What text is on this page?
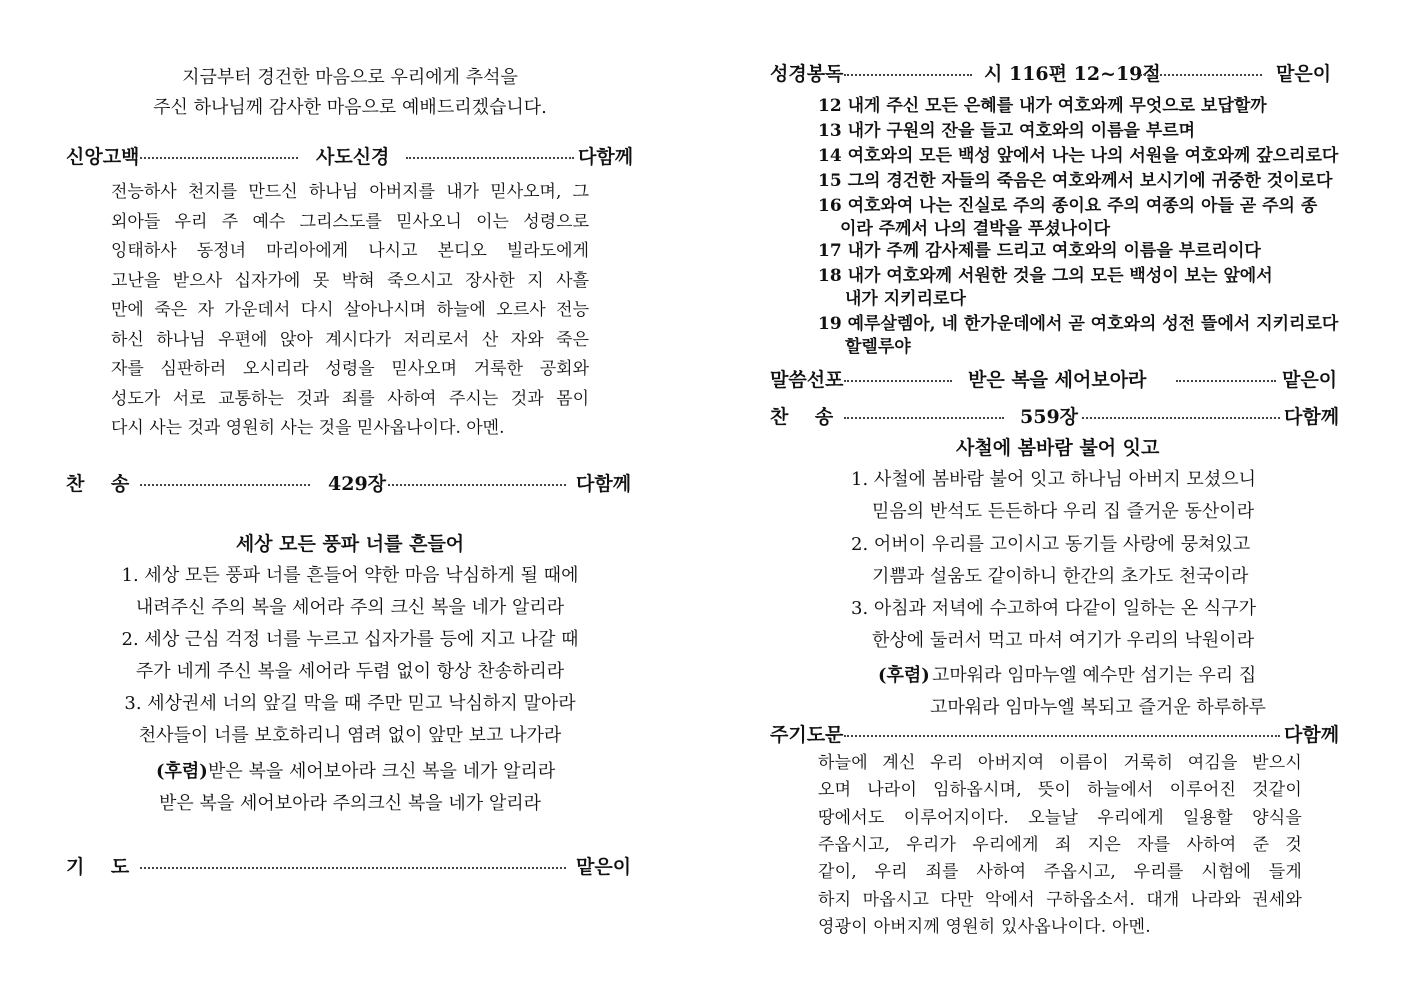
지금부터 경건한 마음으로 우리에게 추석을
주신 하나님께 감사한 마음으로 예배드리겠습니다.
신앙고백	사도신경	다함께
전능하사 천지를 만드신 하나님 아버지를 내가 믿사오며, 그
외아들 우리 주 예수 그리스도를 믿사오니 이는 성령으로
잉태하사 동정녀 마리아에게 나시고 본디오 빌라도에게
고난을 받으사 십자가에 못 박혀 죽으시고 장사한 지 사흘
만에 죽은 자 가운데서 다시 살아나시며 하늘에 오르사 전능
하신 하나님 우편에 앉아 계시다가 저리로서 산 자와 죽은
자를 심판하러 오시리라 성령을 믿사오며 거룩한 공회와
성도가 서로 교통하는 것과 죄를 사하여 주시는 것과 몸이
다시 사는 것과 영원히 사는 것을 믿사옵나이다. 아멘.
찬    송	429장	다함께
세상 모든 풍파 너를 흔들어
1. 세상 모든 풍파 너를 흔들어 약한 마음 낙심하게 될 때에
내려주신 주의 복을 세어라 주의 크신 복을 네가 알리라
2. 세상 근심 걱정 너를 누르고 십자가를 등에 지고 나갈 때
주가 네게 주신 복을 세어라 두렴 없이 항상 찬송하리라
3. 세상권세 너의 앞길 막을 때 주만 믿고 낙심하지 말아라
천사들이 너를 보호하리니 염려 없이 앞만 보고 나가라
(후렴) 받은 복을 세어보아라 크신 복을 네가 알리라
받은 복을 세어보아라 주의크신 복을 네가 알리라
기    도	맡은이
성경봉독	시 116편 12~19절	맡은이
12 내게 주신 모든 은혜를 내가 여호와께 무엇으로 보답할까
13 내가 구원의 잔을 들고 여호와의 이름을 부르며
14 여호와의 모든 백성 앞에서 나는 나의 서원을 여호와께 갚으리로다
15 그의 경건한 자들의 죽음은 여호와께서 보시기에 귀중한 것이로다
16 여호와여 나는 진실로 주의 종이요 주의 여종의 아들 곧 주의 종
이라 주께서 나의 결박을 푸셨나이다
17 내가 주께 감사제를 드리고 여호와의 이름을 부르리이다
18 내가 여호와께 서원한 것을 그의 모든 백성이 보는 앞에서
내가 지키리로다
19 예루살렘아, 네 한가운데에서 곧 여호와의 성전 뜰에서 지키리로다
할렐루야
말씀선포	받은 복을 세어보아라	맡은이
찬    송	559장	다함께
사철에 봄바람 불어 잇고
1. 사철에 봄바람 불어 잇고 하나님 아버지 모셨으니
믿음의 반석도 든든하다 우리 집 즐거운 동산이라
2. 어버이 우리를 고이시고 동기들 사랑에 뭉쳐있고
기쁨과 설움도 같이하니 한간의 초가도 천국이라
3. 아침과 저녁에 수고하여 다같이 일하는 온 식구가
한상에 둘러서 먹고 마셔 여기가 우리의 낙원이라
(후렴) 고마워라 임마누엘 예수만 섬기는 우리 집
고마워라 임마누엘 복되고 즐거운 하루하루
주기도문	다함께
하늘에 계신 우리 아버지여 이름이 거룩히 여김을 받으시
오며 나라이 임하옵시며, 뜻이 하늘에서 이루어진 것같이
땅에서도 이루어지이다. 오늘날 우리에게 일용할 양식을
주옵시고, 우리가 우리에게 죄 지은 자를 사하여 준 것
같이, 우리 죄를 사하여 주옵시고, 우리를 시험에 들게
하지 마옵시고 다만 악에서 구하옵소서. 대개 나라와 권세와
영광이 아버지께 영원히 있사옵나이다. 아멘.
